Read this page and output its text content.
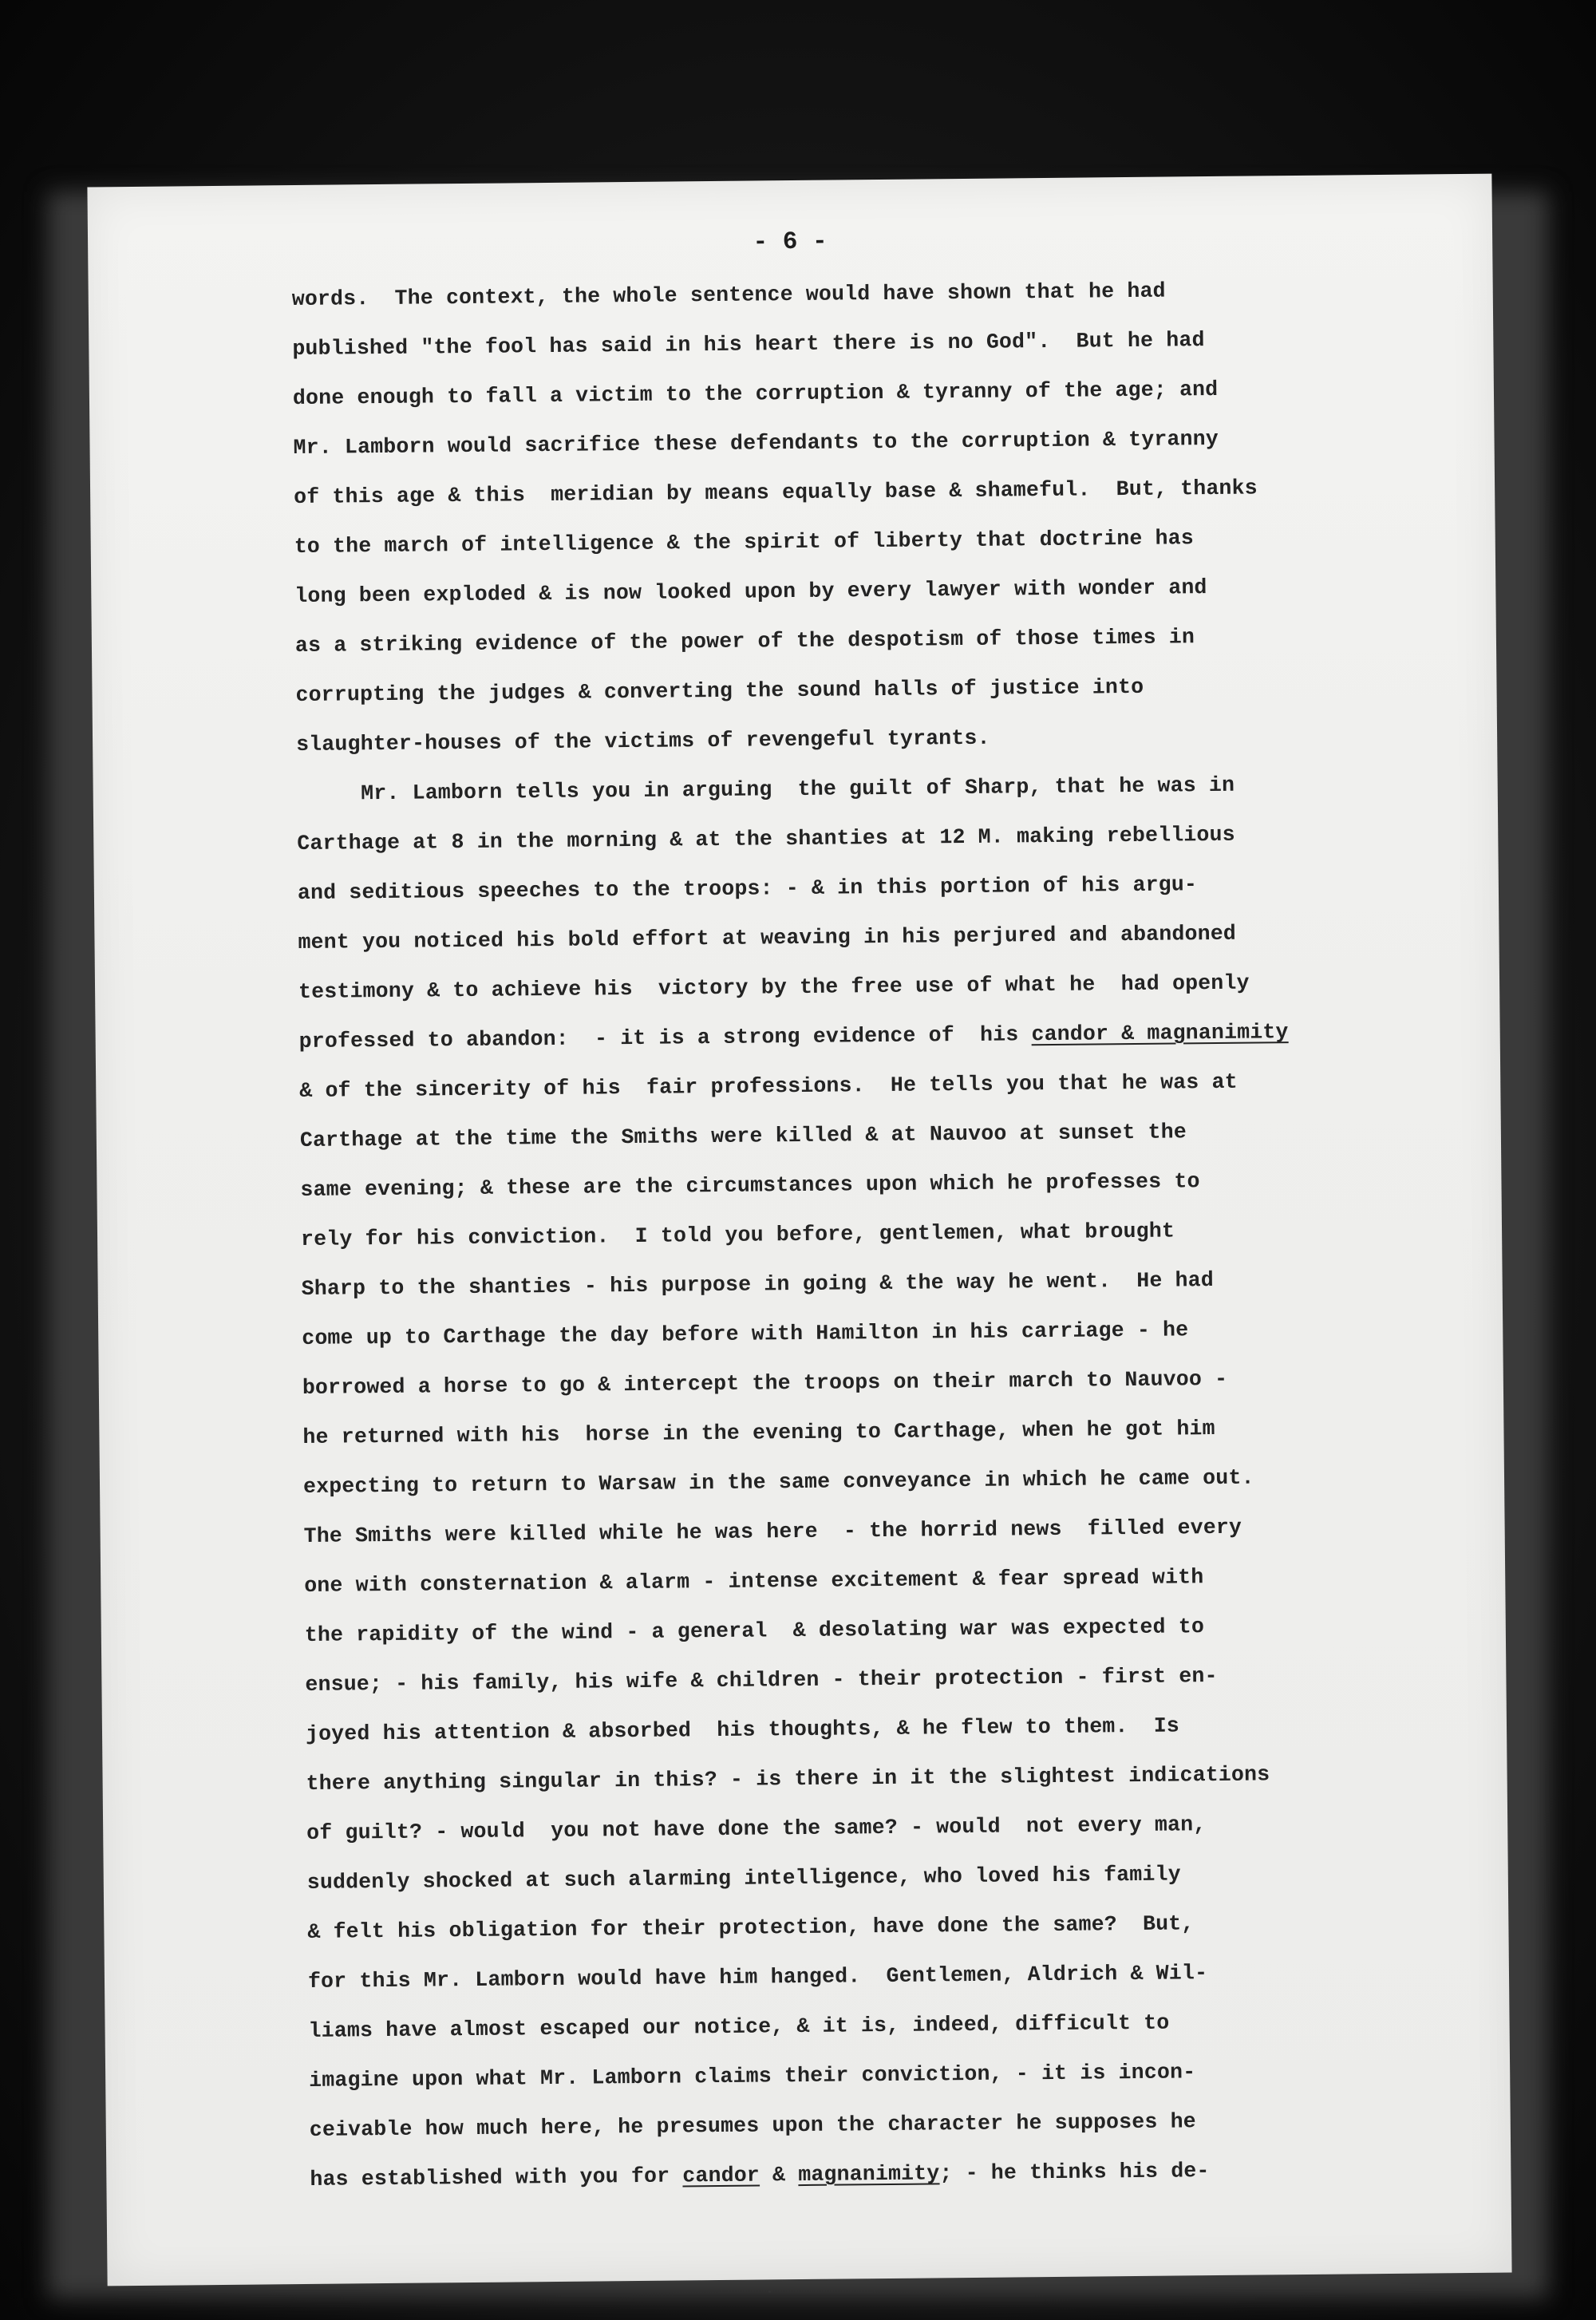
- 6 -
words.  The context, the whole sentence would have shown that he had
published "the fool has said in his heart there is no God".  But he had
done enough to fall a victim to the corruption & tyranny of the age; and
Mr. Lamborn would sacrifice these defendants to the corruption & tyranny
of this age & this  meridian by means equally base & shameful.  But, thanks
to the march of intelligence & the spirit of liberty that doctrine has
long been exploded & is now looked upon by every lawyer with wonder and
as a striking evidence of the power of the despotism of those times in
corrupting the judges & converting the sound halls of justice into
slaughter-houses of the victims of revengeful tyrants.
Mr. Lamborn tells you in arguing  the guilt of Sharp, that he was in
Carthage at 8 in the morning & at the shanties at 12 M. making rebellious
and seditious speeches to the troops: - & in this portion of his argu-
ment you noticed his bold effort at weaving in his perjured and abandoned
testimony & to achieve his  victory by the free use of what he  had openly
professed to abandon:  - it is a strong evidence of  his candor & magnanimity
& of the sincerity of his  fair professions.  He tells you that he was at
Carthage at the time the Smiths were killed & at Nauvoo at sunset the
same evening; & these are the circumstances upon which he professes to
rely for his conviction.  I told you before, gentlemen, what brought
Sharp to the shanties - his purpose in going & the way he went.  He had
come up to Carthage the day before with Hamilton in his carriage - he
borrowed a horse to go & intercept the troops on their march to Nauvoo -
he returned with his  horse in the evening to Carthage, when he got him
expecting to return to Warsaw in the same conveyance in which he came out.
The Smiths were killed while he was here  - the horrid news  filled every
one with consternation & alarm - intense excitement & fear spread with
the rapidity of the wind - a general  & desolating war was expected to
ensue; - his family, his wife & children - their protection - first en-
joyed his attention & absorbed  his thoughts, & he flew to them.  Is
there anything singular in this? - is there in it the slightest indications
of guilt? - would  you not have done the same? - would  not every man,
suddenly shocked at such alarming intelligence, who loved his family
& felt his obligation for their protection, have done the same?  But,
for this Mr. Lamborn would have him hanged.  Gentlemen, Aldrich & Wil-
liams have almost escaped our notice, & it is, indeed, difficult to
imagine upon what Mr. Lamborn claims their conviction, - it is incon-
ceivable how much here, he presumes upon the character he supposes he
has established with you for candor & magnanimity; - he thinks his de-
